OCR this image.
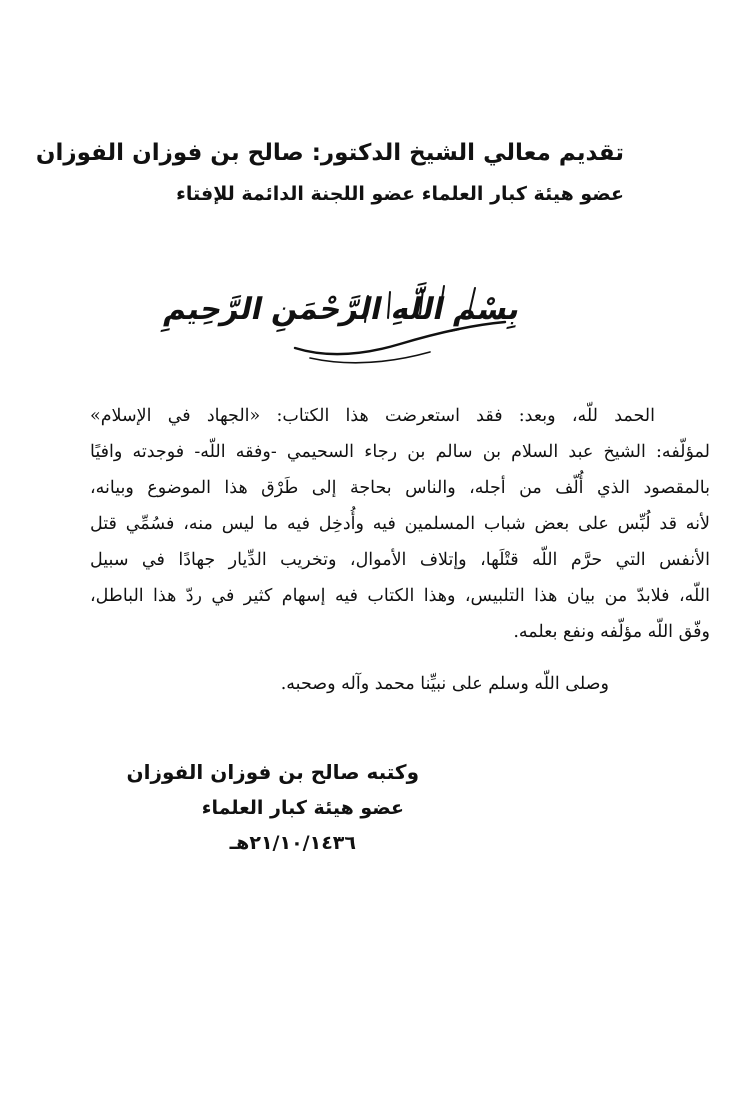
تقديم معالي الشيخ الدكتور: صالح بن فوزان الفوزان
عضو هيئة كبار العلماء عضو اللجنة الدائمة للإفتاء
بِسْمِ اللَّهِ الرَّحْمَنِ الرَّحِيمِ
الحمد للّه، وبعد: فقد استعرضت هذا الكتاب: «الجهاد في الإسلام»
لمؤلّفه: الشيخ عبد السلام بن سالم بن رجاء السحيمي -وفقه اللّه- فوجدته وافيًا
بالمقصود الذي أُلّف من أجله، والناس بحاجة إلى طَرْق هذا الموضوع وبيانه،
لأنه قد لُبِّس على بعض شباب المسلمين فيه وأُدخِل فيه ما ليس منه، فسُمِّي قتل
الأنفس التي حرَّم اللّه قتْلَها، وإتلاف الأموال، وتخريب الدِّيار جهادًا في سبيل
اللّه، فلابدّ من بيان هذا التلبيس، وهذا الكتاب فيه إسهام كثير في ردّ هذا الباطل،
وفّق اللّه مؤلّفه ونفع بعلمه.
وصلى اللّه وسلم على نبيِّنا محمد وآله وصحبه.
وكتبه صالح بن فوزان الفوزان
عضو هيئة كبار العلماء
٢١/١٠/١٤٣٦هـ
